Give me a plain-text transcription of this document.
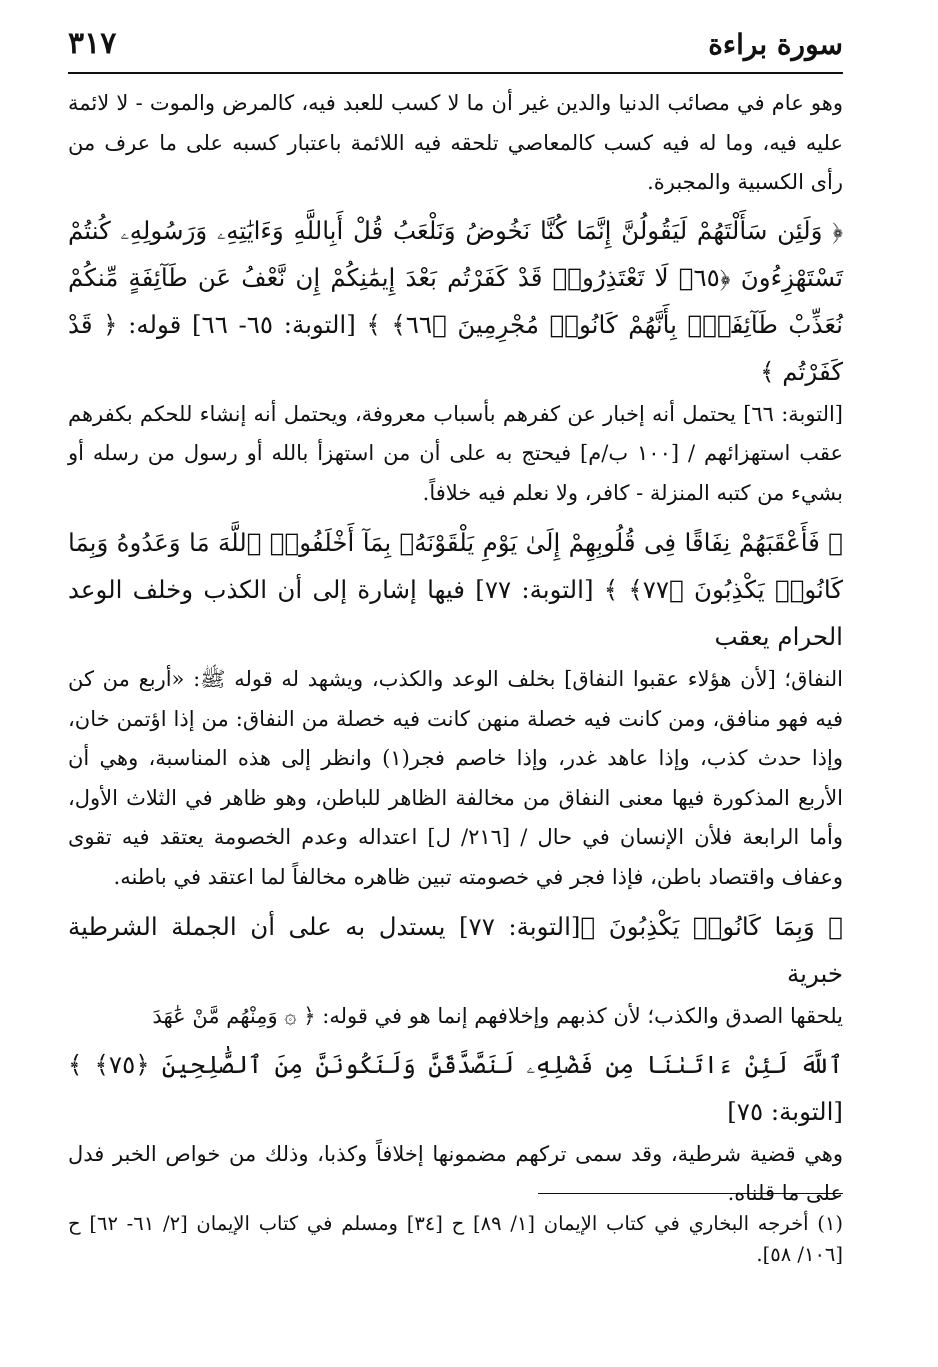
سورة براءة
٣١٧

وهو عام في مصائب الدنيا والدين غير أن ما لا كسب للعبد فيه، كالمرض والموت - لا لائمة عليه فيه، وما له فيه كسب كالمعاصي تلحقه فيه اللائمة باعتبار كسبه على ما عرف من رأى الكسبية والمجبرة.

﴿ وَلَئِن سَأَلْتَهُمْ لَيَقُولُنَّ إِنَّمَا كُنَّا نَخُوضُ وَنَلْعَبُ قُلْ أَبِاللَّهِ وَءَايَٰتِهِۦ وَرَسُولِهِۦ كُنتُمْ تَسْتَهْزِءُونَ ﴿٦٥﴾ لَا تَعْتَذِرُوا۟ قَدْ كَفَرْتُم بَعْدَ إِيمَٰنِكُمْ إِن نَّعْفُ عَن طَآئِفَةٍ مِّنكُمْ نُعَذِّبْ طَآئِفَةًۢ بِأَنَّهُمْ كَانُوا۟ مُجْرِمِينَ ﴿٦٦﴾ ﴾ [التوبة: ٦٥- ٦٦] قوله: ﴿ قَدْ كَفَرْتُم ﴾

[التوبة: ٦٦] يحتمل أنه إخبار عن كفرهم بأسباب معروفة، ويحتمل أنه إنشاء للحكم بكفرهم عقب استهزائهم / [١٠٠ ب/م] فيحتج به على أن من استهزأ بالله أو رسول من رسله أو بشيء من كتبه المنزلة - كافر، ولا نعلم فيه خلافاً.

﴿ فَأَعْقَبَهُمْ نِفَاقًا فِى قُلُوبِهِمْ إِلَىٰ يَوْمِ يَلْقَوْنَهُۥ بِمَآ أَخْلَفُوا۟ ٱللَّهَ مَا وَعَدُوهُ وَبِمَا كَانُوا۟ يَكْذِبُونَ ﴿٧٧﴾ ﴾ [التوبة: ٧٧] فيها إشارة إلى أن الكذب وخلف الوعد الحرام يعقب

النفاق؛ [لأن هؤلاء عقبوا النفاق] بخلف الوعد والكذب، ويشهد له قوله ﷺ: «أربع من كن فيه فهو منافق، ومن كانت فيه خصلة منهن كانت فيه خصلة من النفاق: من إذا اؤتمن خان، وإذا حدث كذب، وإذا عاهد غدر، وإذا خاصم فجر(١) وانظر إلى هذه المناسبة، وهي أن الأربع المذكورة فيها معنى النفاق من مخالفة الظاهر للباطن، وهو ظاهر في الثلاث الأول، وأما الرابعة فلأن الإنسان في حال / [٢١٦/ ل] اعتداله وعدم الخصومة يعتقد فيه تقوى وعفاف واقتصاد باطن، فإذا فجر في خصومته تبين ظاهره مخالفاً لما اعتقد في باطنه.

﴿ وَبِمَا كَانُوا۟ يَكْذِبُونَ ﴾[التوبة: ٧٧] يستدل به على أن الجملة الشرطية خبرية

يلحقها الصدق والكذب؛ لأن كذبهم وإخلافهم إنما هو في قوله: ﴿ ۞ وَمِنْهُم مَّنْ عَٰهَدَ

ٱللَّهَ لَئِنْ ءَاتَىٰنَا مِن فَضْلِهِۦ لَنَصَّدَّقَنَّ وَلَنَكُونَنَّ مِنَ ٱلصَّٰلِحِينَ ﴿٧٥﴾ ﴾ [التوبة: ٧٥]

وهي قضية شرطية، وقد سمى تركهم مضمونها إخلافاً وكذبا، وذلك من خواص الخبر فدل على ما قلناه.

(١) أخرجه البخاري في كتاب الإيمان [١/ ٨٩] ح [٣٤] ومسلم في كتاب الإيمان [٢/ ٦١- ٦٢] ح [١٠٦/ ٥٨].
